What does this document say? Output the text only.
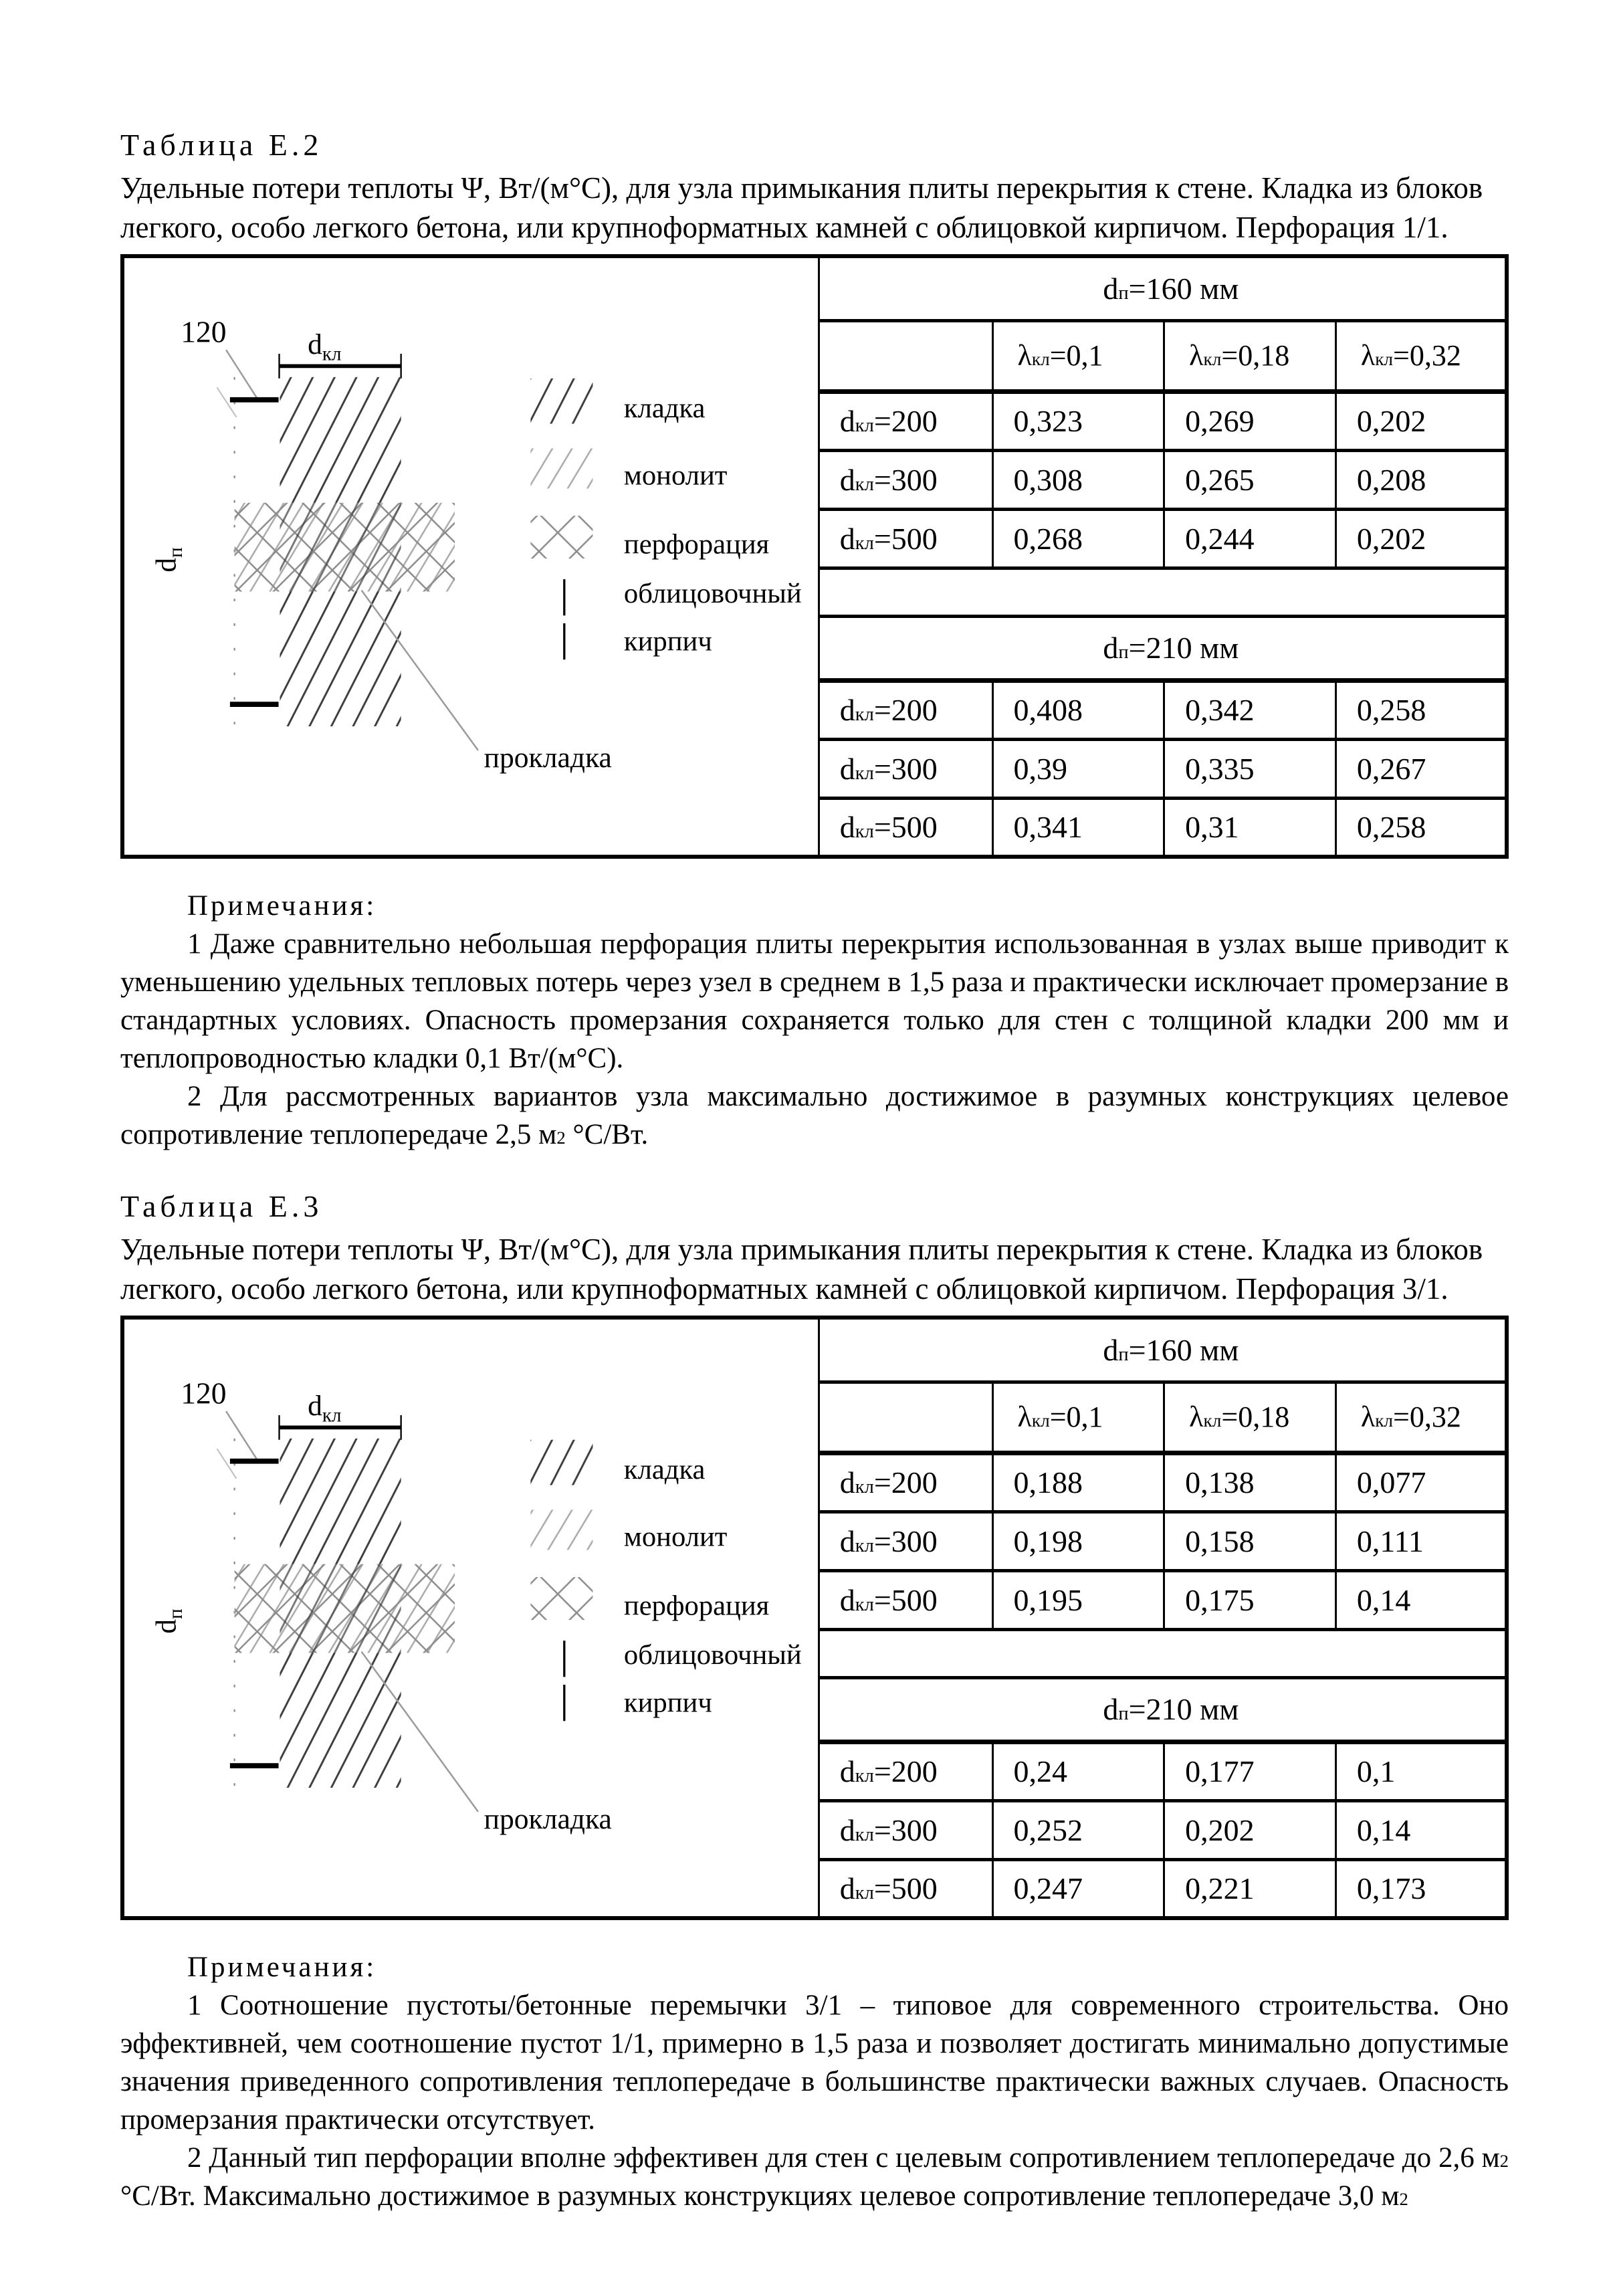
Таблица Е.2
Удельные потери теплоты Ψ, Вт/(м°С), для узла примыкания плиты перекрытия к стене. Кладка из блоков легкого, особо легкого бетона, или крупноформатных камней с облицовкой кирпичом. Перфорация 1/1.
120	$d_{кл}$
$d_п$
прокладка
кладка
монолит
перфорация
облицовочный
кирпич
	$d_п=160$ мм
		$\lambda_{кл}=0,1$	$\lambda_{кл}=0,18$	$\lambda_{кл}=0,32$
	$d_{кл}=200$	0,323	0,269	0,202
	$d_{кл}=300$	0,308	0,265	0,208
	$d_{кл}=500$	0,268	0,244	0,202

	$d_п=210$ мм			
	$d_{кл}=200$	0,408	0,342	0,258
	$d_{кл}=300$	0,39	0,335	0,267
	$d_{кл}=500$	0,341	0,31	0,258
Примечания:

1 Даже сравнительно небольшая перфорация плиты перекрытия использованная в узлах выше приводит к уменьшению удельных тепловых потерь через узел в среднем в 1,5 раза и практически исключает промерзание в стандартных условиях. Опасность промерзания сохраняется только для стен с толщиной кладки 200 мм и теплопроводностью кладки 0,1 Вт/(м°С).

2 Для рассмотренных вариантов узла максимально достижимое в разумных конструкциях целевое сопротивление теплопередаче 2,5 $м^2$ °С/Вт.

Таблица Е.3
Удельные потери теплоты Ψ, Вт/(м°С), для узла примыкания плиты перекрытия к стене. Кладка из блоков легкого, особо легкого бетона, или крупноформатных камней с облицовкой кирпичом. Перфорация 3/1.
120	$d_{кл}$
$d_п$
прокладка
кладка
монолит
перфорация
облицовочный
кирпич
	$d_п=160$ мм
		$\lambda_{кл}=0,1$	$\lambda_{кл}=0,18$	$\lambda_{кл}=0,32$
	$d_{кл}=200$	0,188	0,138	0,077
	$d_{кл}=300$	0,198	0,158	0,111
	$d_{кл}=500$	0,195	0,175	0,14

	$d_п=210$ мм			
	$d_{кл}=200$	0,24	0,177	0,1
	$d_{кл}=300$	0,252	0,202	0,14
	$d_{кл}=500$	0,247	0,221	0,173
Примечания:

1 Соотношение пустоты/бетонные перемычки 3/1 – типовое для современного строительства. Оно эффективней, чем соотношение пустот 1/1, примерно в 1,5 раза и позволяет достигать минимально допустимые значения приведенного сопротивления теплопередаче в большинстве практически важных случаев. Опасность промерзания практически отсутствует.

2 Данный тип перфорации вполне эффективен для стен с целевым сопротивлением теплопередаче до 2,6 $м^2$ °С/Вт. Максимально достижимое в разумных конструкциях целевое сопротивление теплопередаче 3,0 $м^2$
